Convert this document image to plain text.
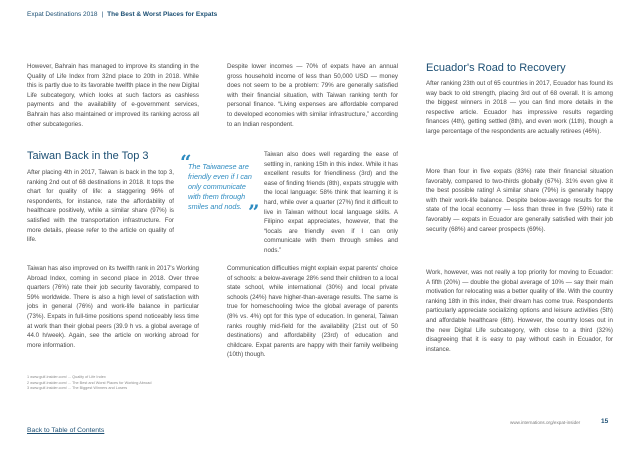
Expat Destinations 2018 | The Best & Worst Places for Expats
However, Bahrain has managed to improve its standing in the Quality of Life Index from 32nd place to 20th in 2018. While this is partly due to its favorable twelfth place in the new Digital Life subcategory, which looks at such factors as cashless payments and the availability of e-government services, Bahrain has also maintained or improved its ranking across all other subcategories.
Taiwan Back in the Top 3
After placing 4th in 2017, Taiwan is back in the top 3, ranking 2nd out of 68 destinations in 2018. It tops the chart for quality of life: a staggering 96% of respondents, for instance, rate the affordability of healthcare positively, while a similar share (97%) is satisfied with the transportation infrastructure. For more details, please refer to the article on quality of life.
Taiwan has also improved on its twelfth rank in 2017's Working Abroad Index, coming in second place in 2018. Over three quarters (76%) rate their job security favorably, compared to 59% worldwide. There is also a high level of satisfaction with jobs in general (76%) and work-life balance in particular (73%). Expats in full-time positions spend noticeably less time at work than their global peers (39.9 h vs. a global average of 44.0 h/week). Again, see the article on working abroad for more information.
1 www.gulf-insider.com/ ... Quality of Life Index
2 www.gulf-insider.com/ ... The Best and Worst Places for Working Abroad
3 www.gulf-insider.com/ ... The Biggest Winners and Losers
“
The Taiwanese are friendly even if I can only communicate with them through smiles and nods. ”
Despite lower incomes — 70% of expats have an annual gross household income of less than 50,000 USD — money does not seem to be a problem: 79% are generally satisfied with their financial situation, with Taiwan ranking tenth for personal finance. “Living expenses are affordable compared to developed economies with similar infrastructure,” according to an Indian respondent.
Taiwan also does well regarding the ease of settling in, ranking 15th in this index. While it has excellent results for friendliness (3rd) and the ease of finding friends (8th), expats struggle with the local language: 58% think that learning it is hard, while over a quarter (27%) find it difficult to live in Taiwan without local language skills. A Filipino expat appreciates, however, that the “locals are friendly even if I can only communicate with them through smiles and nods.”
Communication difficulties might explain expat parents' choice of schools: a below-average 28% send their children to a local state school, while international (30%) and local private schools (24%) have higher-than-average results. The same is true for homeschooling twice the global average of parents (8% vs. 4%) opt for this type of education. In general, Taiwan ranks roughly mid-field for the availability (21st out of 50 destinations) and affordability (23rd) of education and childcare. Expat parents are happy with their family wellbeing (10th) though.
Ecuador's Road to Recovery
After ranking 23th out of 65 countries in 2017, Ecuador has found its way back to old strength, placing 3rd out of 68 overall. It is among the biggest winners in 2018 — you can find more details in the respective article. Ecuador has impressive results regarding finances (4th), getting settled (8th), and even work (11th), though a large percentage of the respondents are actually retirees (46%).
More than four in five expats (83%) rate their financial situation favorably, compared to two-thirds globally (67%). 31% even give it the best possible rating! A similar share (79%) is generally happy with their work-life balance. Despite below-average results for the state of the local economy — less than three in five (59%) rate it favorably — expats in Ecuador are generally satisfied with their job security (68%) and career prospects (69%).
Work, however, was not really a top priority for moving to Ecuador: A fifth (20%) — double the global average of 10% — say their main motivation for relocating was a better quality of life. With the country ranking 18th in this index, their dream has come true. Respondents particularly appreciate socializing options and leisure activities (5th) and affordable healthcare (6th). However, the country loses out in the new Digital Life subcategory, with close to a third (32%) disagreeing that it is easy to pay without cash in Ecuador, for instance.
Back to Table of Contents
www.internations.org/expat-insider	15
